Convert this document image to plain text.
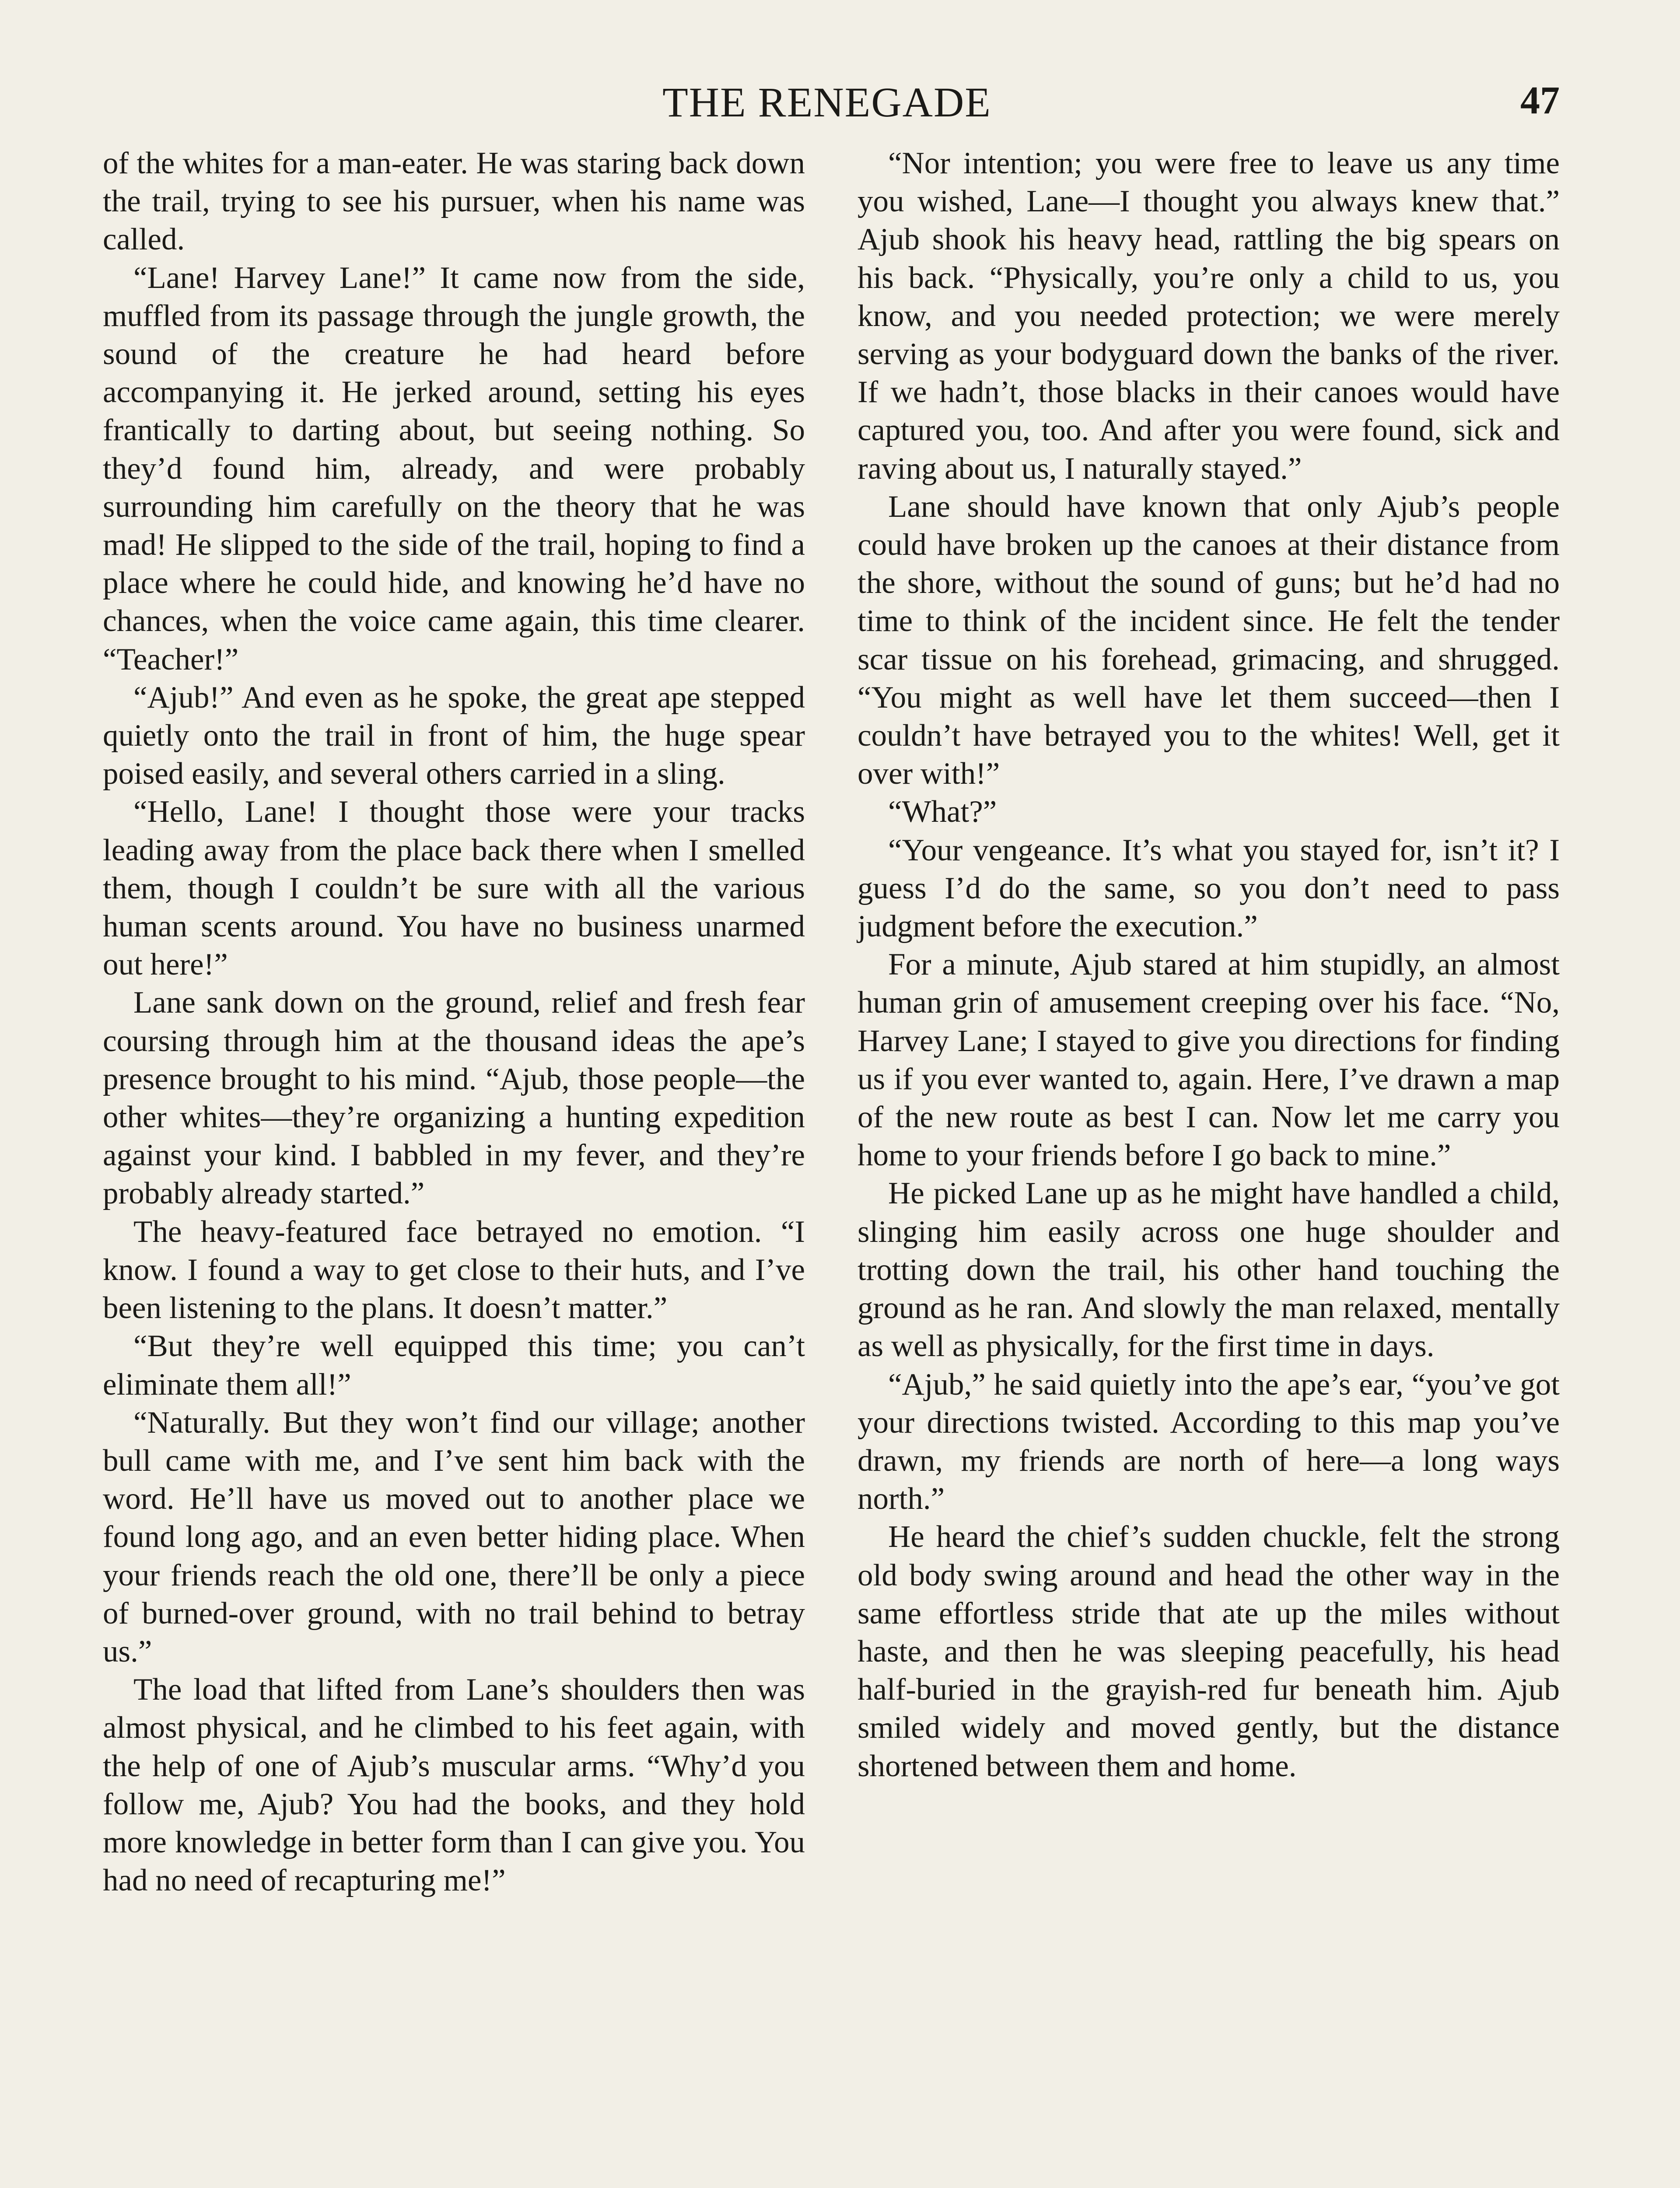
THE RENEGADE	47

of the whites for a man-eater. He was staring back down the trail, trying to see his pursuer, when his name was called.

“Lane! Harvey Lane!” It came now from the side, muffled from its passage through the jungle growth, the sound of the creature he had heard before accompanying it. He jerked around, setting his eyes frantically to darting about, but seeing nothing. So they’d found him, already, and were probably surrounding him carefully on the theory that he was mad! He slipped to the side of the trail, hoping to find a place where he could hide, and knowing he’d have no chances, when the voice came again, this time clearer. “Teacher!”

“Ajub!” And even as he spoke, the great ape stepped quietly onto the trail in front of him, the huge spear poised easily, and several others carried in a sling.

“Hello, Lane! I thought those were your tracks leading away from the place back there when I smelled them, though I couldn’t be sure with all the various human scents around. You have no business unarmed out here!”

Lane sank down on the ground, relief and fresh fear coursing through him at the thousand ideas the ape’s presence brought to his mind. “Ajub, those people—the other whites—they’re organizing a hunting expedition against your kind. I babbled in my fever, and they’re probably already started.”

The heavy-featured face betrayed no emotion. “I know. I found a way to get close to their huts, and I’ve been listening to the plans. It doesn’t matter.”

“But they’re well equipped this time; you can’t eliminate them all!”

“Naturally. But they won’t find our village; another bull came with me, and I’ve sent him back with the word. He’ll have us moved out to another place we found long ago, and an even better hiding place. When your friends reach the old one, there’ll be only a piece of burned-over ground, with no trail behind to betray us.”

The load that lifted from Lane’s shoulders then was almost physical, and he climbed to his feet again, with the help of one of Ajub’s muscular arms. “Why’d you follow me, Ajub? You had the books, and they hold more knowledge in better form than I can give you. You had no need of recapturing me!”

“Nor intention; you were free to leave us any time you wished, Lane—I thought you always knew that.” Ajub shook his heavy head, rattling the big spears on his back. “Physically, you’re only a child to us, you know, and you needed protection; we were merely serving as your bodyguard down the banks of the river. If we hadn’t, those blacks in their canoes would have captured you, too. And after you were found, sick and raving about us, I naturally stayed.”

Lane should have known that only Ajub’s people could have broken up the canoes at their distance from the shore, without the sound of guns; but he’d had no time to think of the incident since. He felt the tender scar tissue on his forehead, grimacing, and shrugged. “You might as well have let them succeed—then I couldn’t have betrayed you to the whites! Well, get it over with!”

“What?”

“Your vengeance. It’s what you stayed for, isn’t it? I guess I’d do the same, so you don’t need to pass judgment before the execution.”

For a minute, Ajub stared at him stupidly, an almost human grin of amusement creeping over his face. “No, Harvey Lane; I stayed to give you directions for finding us if you ever wanted to, again. Here, I’ve drawn a map of the new route as best I can. Now let me carry you home to your friends before I go back to mine.”

He picked Lane up as he might have handled a child, slinging him easily across one huge shoulder and trotting down the trail, his other hand touching the ground as he ran. And slowly the man relaxed, mentally as well as physically, for the first time in days.

“Ajub,” he said quietly into the ape’s ear, “you’ve got your directions twisted. According to this map you’ve drawn, my friends are north of here—a long ways north.”

He heard the chief’s sudden chuckle, felt the strong old body swing around and head the other way in the same effortless stride that ate up the miles without haste, and then he was sleeping peacefully, his head half-buried in the grayish-red fur beneath him. Ajub smiled widely and moved gently, but the distance shortened between them and home.
